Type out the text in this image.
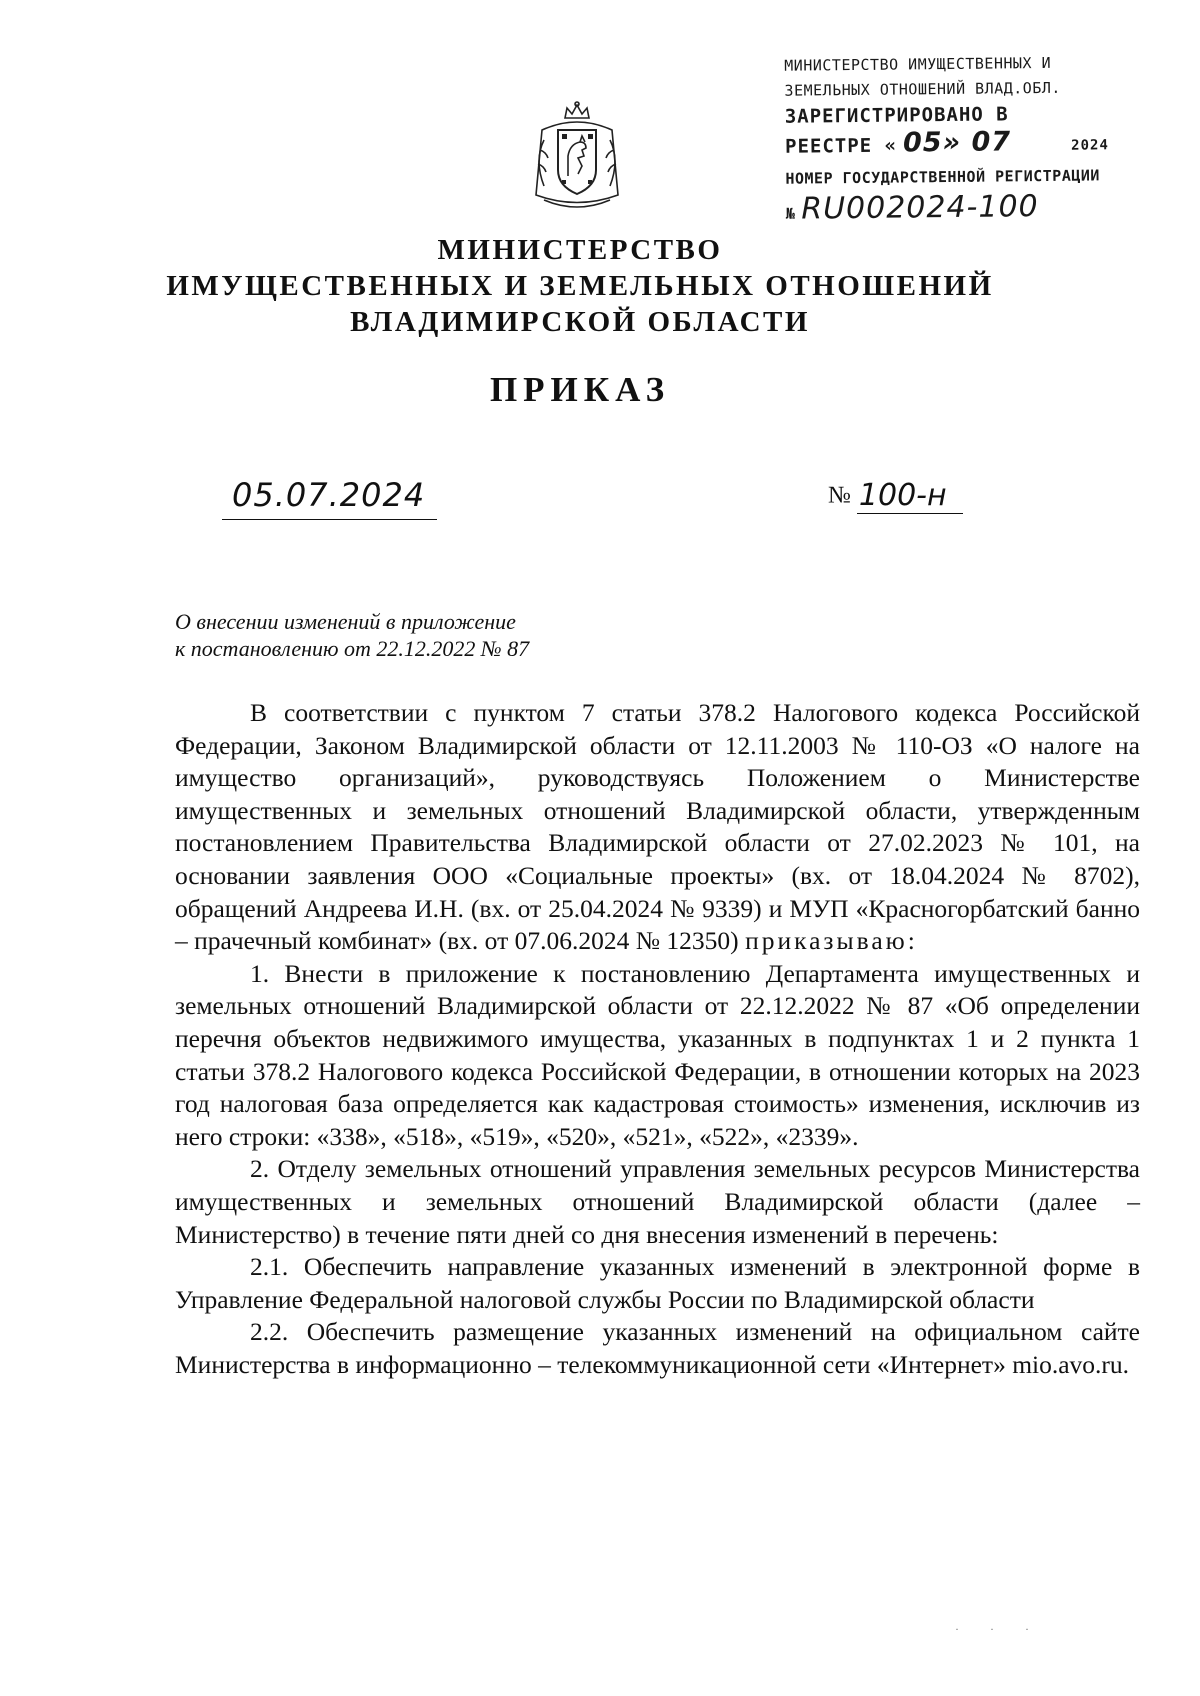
МИНИСТЕРСТВО ИМУЩЕСТВЕННЫХ И
ЗЕМЕЛЬНЫХ ОТНОШЕНИЙ ВЛАД.ОБЛ.
ЗАРЕГИСТРИРОВАНО В
РЕЕСТРЕ « 05» 07	2024
НОМЕР ГОСУДАРСТВЕННОЙ РЕГИСТРАЦИИ
№ RU002024-100
МИНИСТЕРСТВО
ИМУЩЕСТВЕННЫХ И ЗЕМЕЛЬНЫХ ОТНОШЕНИЙ
ВЛАДИМИРСКОЙ ОБЛАСТИ
ПРИКАЗ
05.07.2024	№ 100-н
О внесении изменений в приложение
к постановлению от 22.12.2022 № 87

В соответствии с пунктом 7 статьи 378.2 Налогового кодекса Российской Федерации, Законом Владимирской области от 12.11.2003 № 110-ОЗ «О налоге на имущество организаций», руководствуясь Положением о Министерстве имущественных и земельных отношений Владимирской области, утвержденным постановлением Правительства Владимирской области от 27.02.2023 № 101, на основании заявления ООО «Социальные проекты» (вх. от 18.04.2024 № 8702), обращений Андреева И.Н. (вх. от 25.04.2024 № 9339) и МУП «Красногорбатский банно – прачечный комбинат» (вх. от 07.06.2024 № 12350) приказываю:

1. Внести в приложение к постановлению Департамента имущественных и земельных отношений Владимирской области от 22.12.2022 № 87 «Об определении перечня объектов недвижимого имущества, указанных в подпунктах 1 и 2 пункта 1 статьи 378.2 Налогового кодекса Российской Федерации, в отношении которых на 2023 год налоговая база определяется как кадастровая стоимость» изменения, исключив из него строки: «338», «518», «519», «520», «521», «522», «2339».

2. Отделу земельных отношений управления земельных ресурсов Министерства имущественных и земельных отношений Владимирской области (далее – Министерство) в течение пяти дней со дня внесения изменений в перечень:

2.1. Обеспечить направление указанных изменений в электронной форме в Управление Федеральной налоговой службы России по Владимирской области

2.2. Обеспечить размещение указанных изменений на официальном сайте Министерства в информационно – телекоммуникационной сети «Интернет» mio.avo.ru.

· · ·
